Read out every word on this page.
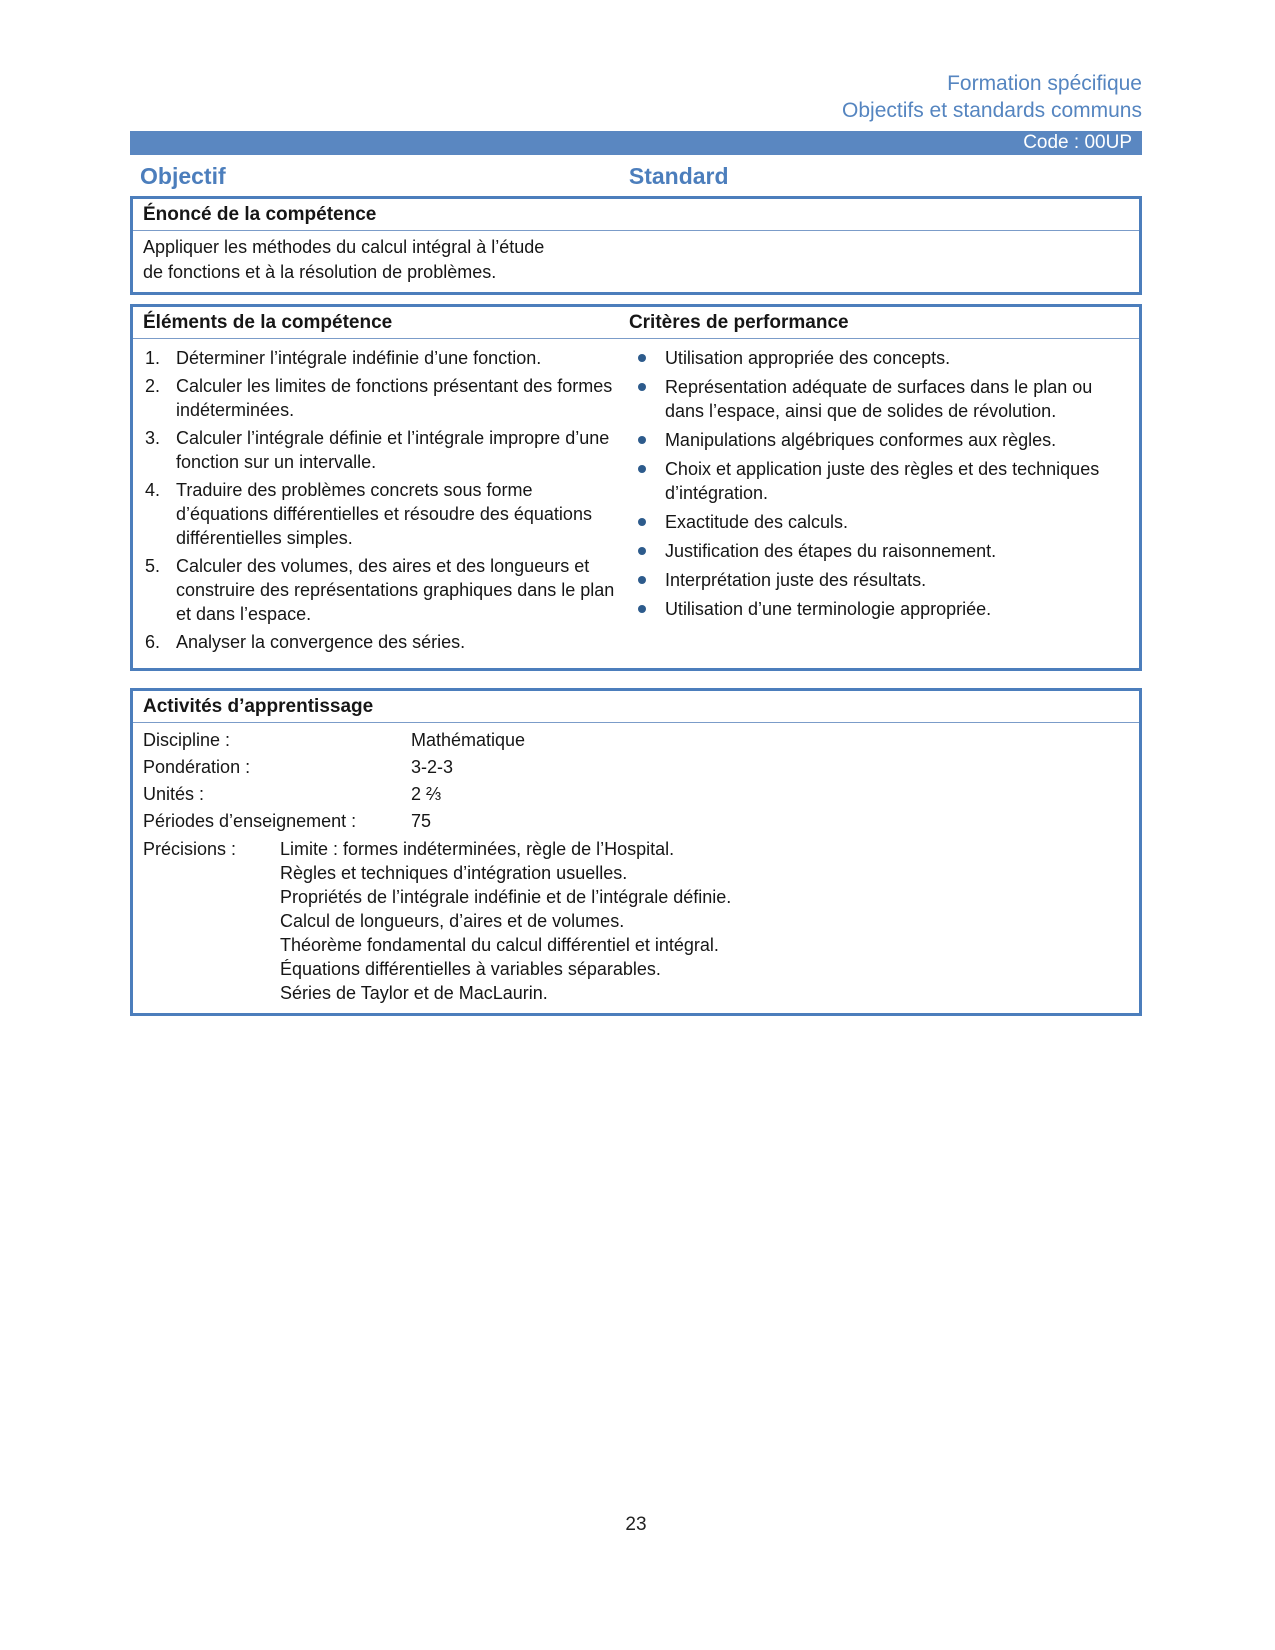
Formation spécifique
Objectifs et standards communs
Code : 00UP
Objectif	Standard
Énoncé de la compétence
Appliquer les méthodes du calcul intégral à l’étude
de fonctions et à la résolution de problèmes.
Éléments de la compétence	Critères de performance
1. Déterminer l’intégrale indéfinie d’une fonction.
2. Calculer les limites de fonctions présentant des formes indéterminées.
3. Calculer l’intégrale définie et l’intégrale impropre d’une fonction sur un intervalle.
4. Traduire des problèmes concrets sous forme d’équations différentielles et résoudre des équations différentielles simples.
5. Calculer des volumes, des aires et des longueurs et construire des représentations graphiques dans le plan et dans l’espace.
6. Analyser la convergence des séries.
Utilisation appropriée des concepts.
Représentation adéquate de surfaces dans le plan ou dans l’espace, ainsi que de solides de révolution.
Manipulations algébriques conformes aux règles.
Choix et application juste des règles et des techniques d’intégration.
Exactitude des calculs.
Justification des étapes du raisonnement.
Interprétation juste des résultats.
Utilisation d’une terminologie appropriée.
Activités d’apprentissage
Discipline :	Mathématique
Pondération :	3-2-3
Unités :	2 ⅔
Périodes d’enseignement :	75
Précisions :	Limite : formes indéterminées, règle de l’Hospital.
Règles et techniques d’intégration usuelles.
Propriétés de l’intégrale indéfinie et de l’intégrale définie.
Calcul de longueurs, d’aires et de volumes.
Théorème fondamental du calcul différentiel et intégral.
Équations différentielles à variables séparables.
Séries de Taylor et de MacLaurin.
23
